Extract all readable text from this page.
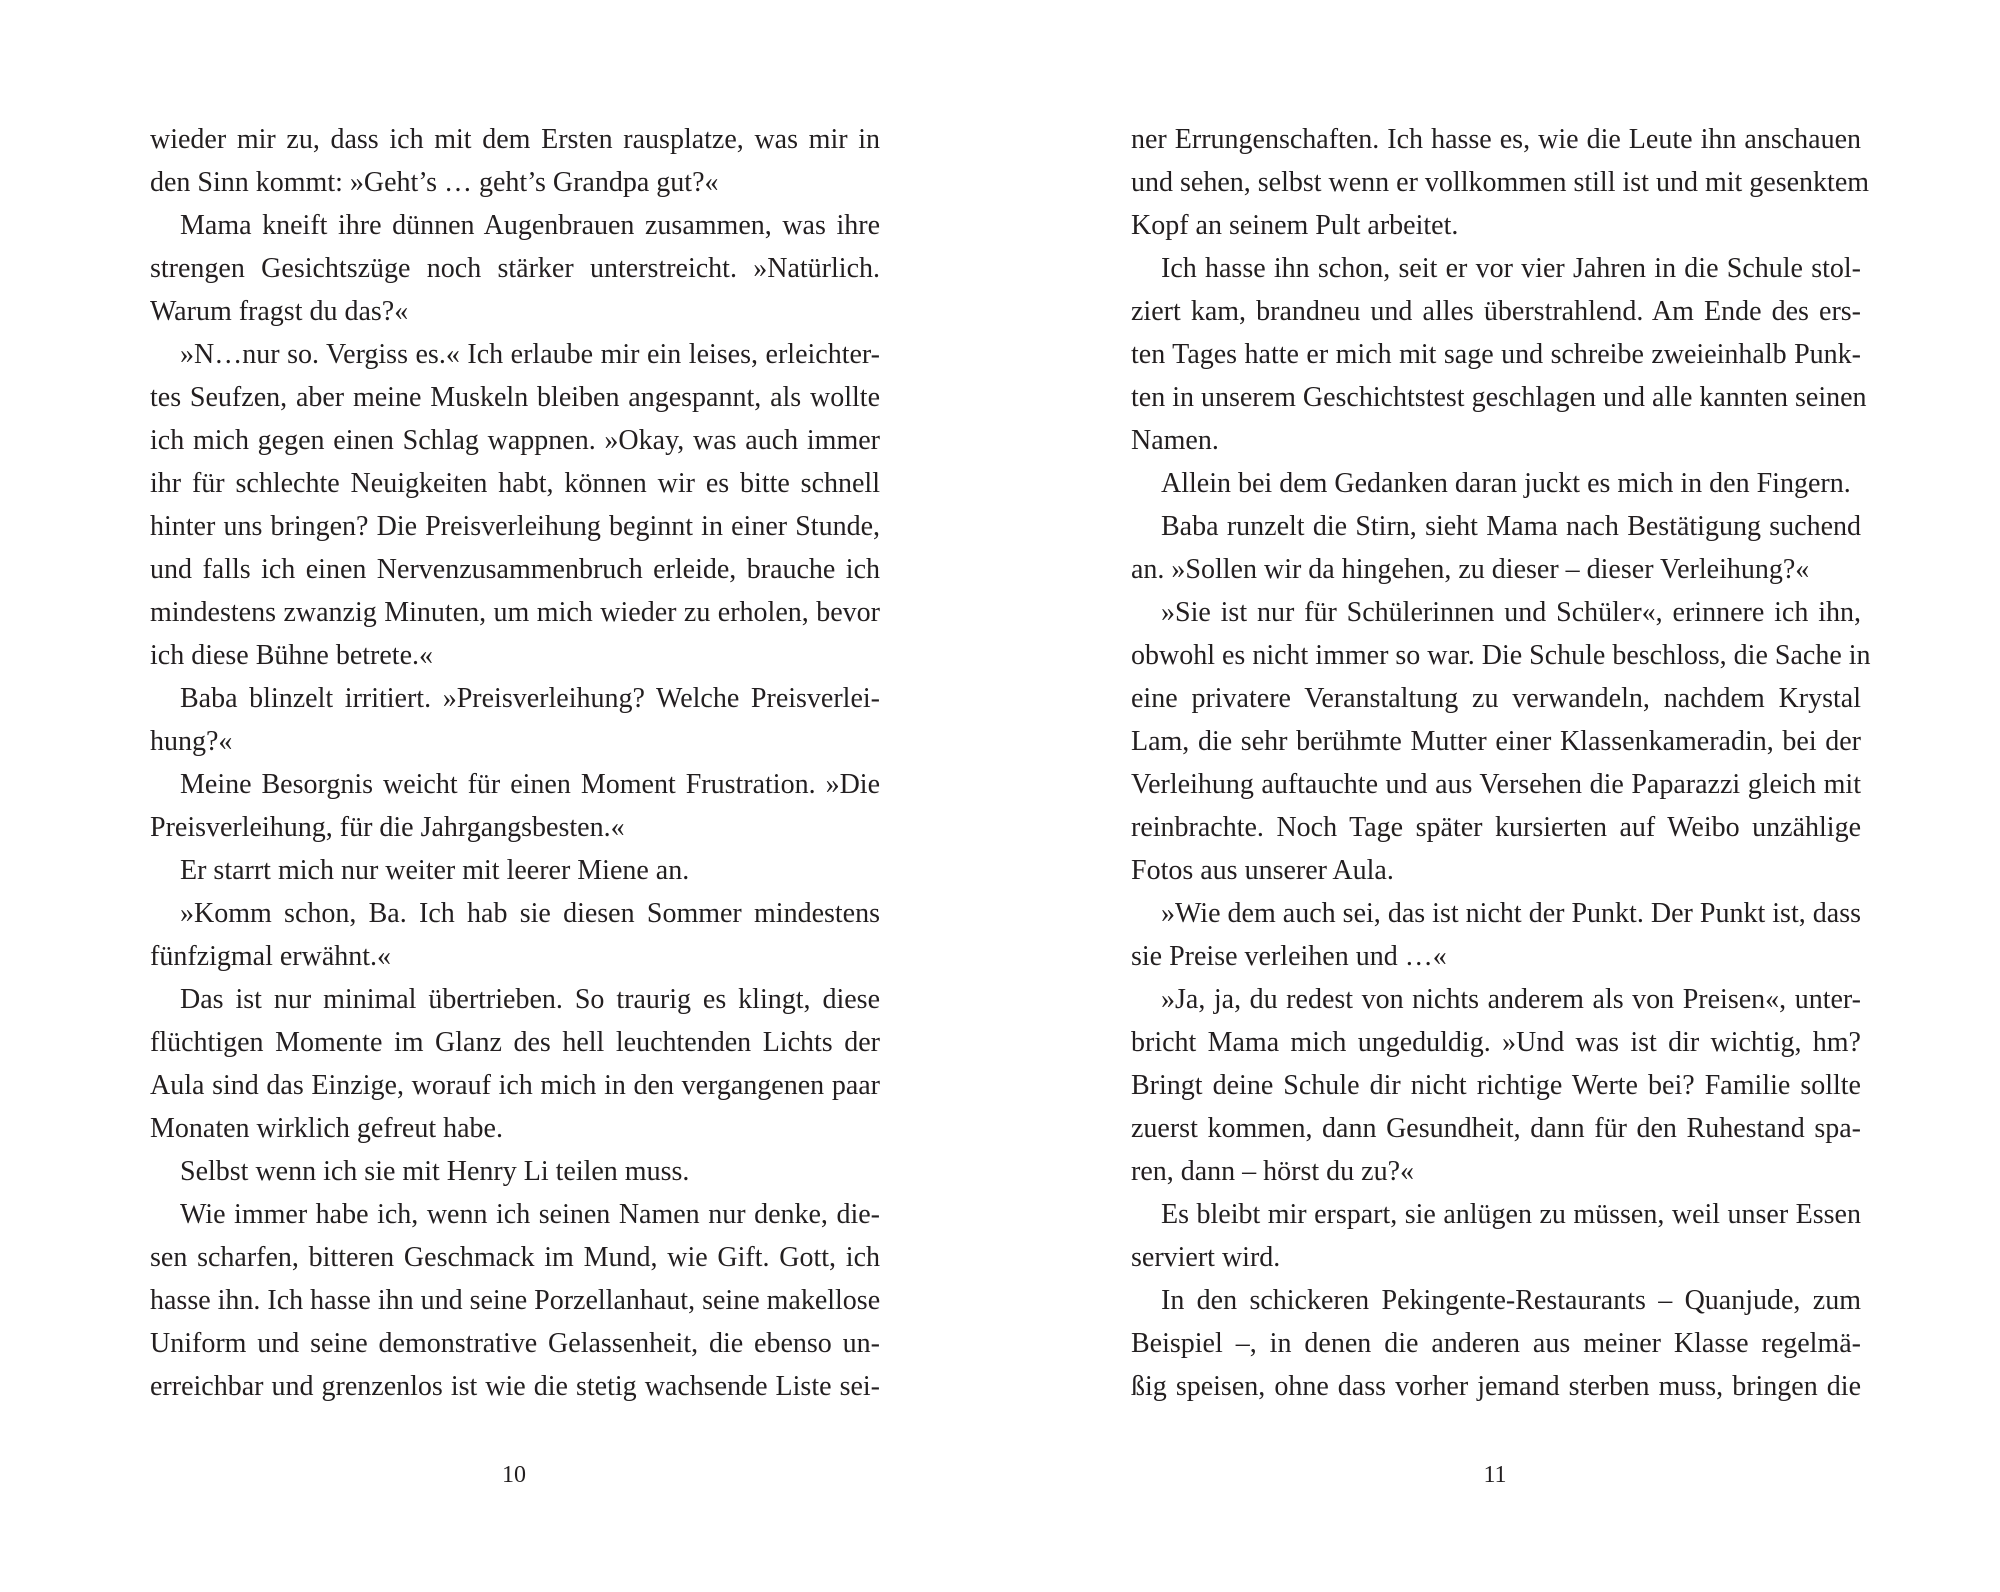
wieder mir zu, dass ich mit dem Ersten rausplatze, was mir in
den Sinn kommt: »Geht’s … geht’s Grandpa gut?«
Mama kneift ihre dünnen Augenbrauen zusammen, was ihre
strengen Gesichtszüge noch stärker unterstreicht. »Natürlich.
Warum fragst du das?«
»N…nur so. Vergiss es.« Ich erlaube mir ein leises, erleichter-
tes Seufzen, aber meine Muskeln bleiben angespannt, als wollte
ich mich gegen einen Schlag wappnen. »Okay, was auch immer
ihr für schlechte Neuigkeiten habt, können wir es bitte schnell
hinter uns bringen? Die Preisverleihung beginnt in einer Stunde,
und falls ich einen Nervenzusammenbruch erleide, brauche ich
mindestens zwanzig Minuten, um mich wieder zu erholen, bevor
ich diese Bühne betrete.«
Baba blinzelt irritiert. »Preisverleihung? Welche Preisverlei-
hung?«
Meine Besorgnis weicht für einen Moment Frustration. »Die
Preisverleihung, für die Jahrgangsbesten.«
Er starrt mich nur weiter mit leerer Miene an.
»Komm schon, Ba. Ich hab sie diesen Sommer mindestens
fünfzigmal erwähnt.«
Das ist nur minimal übertrieben. So traurig es klingt, diese
flüchtigen Momente im Glanz des hell leuchtenden Lichts der
Aula sind das Einzige, worauf ich mich in den vergangenen paar
Monaten wirklich gefreut habe.
Selbst wenn ich sie mit Henry Li teilen muss.
Wie immer habe ich, wenn ich seinen Namen nur denke, die-
sen scharfen, bitteren Geschmack im Mund, wie Gift. Gott, ich
hasse ihn. Ich hasse ihn und seine Porzellanhaut, seine makellose
Uniform und seine demonstrative Gelassenheit, die ebenso un-
erreichbar und grenzenlos ist wie die stetig wachsende Liste sei-
ner Errungenschaften. Ich hasse es, wie die Leute ihn anschauen
und sehen, selbst wenn er vollkommen still ist und mit gesenktem
Kopf an seinem Pult arbeitet.
Ich hasse ihn schon, seit er vor vier Jahren in die Schule stol-
ziert kam, brandneu und alles überstrahlend. Am Ende des ers-
ten Tages hatte er mich mit sage und schreibe zweieinhalb Punk-
ten in unserem Geschichtstest geschlagen und alle kannten seinen
Namen.
Allein bei dem Gedanken daran juckt es mich in den Fingern.
Baba runzelt die Stirn, sieht Mama nach Bestätigung suchend
an. »Sollen wir da hingehen, zu dieser – dieser Verleihung?«
»Sie ist nur für Schülerinnen und Schüler«, erinnere ich ihn,
obwohl es nicht immer so war. Die Schule beschloss, die Sache in
eine privatere Veranstaltung zu verwandeln, nachdem Krystal
Lam, die sehr berühmte Mutter einer Klassenkameradin, bei der
Verleihung auftauchte und aus Versehen die Paparazzi gleich mit
reinbrachte. Noch Tage später kursierten auf Weibo unzählige
Fotos aus unserer Aula.
»Wie dem auch sei, das ist nicht der Punkt. Der Punkt ist, dass
sie Preise verleihen und …«
»Ja, ja, du redest von nichts anderem als von Preisen«, unter-
bricht Mama mich ungeduldig. »Und was ist dir wichtig, hm?
Bringt deine Schule dir nicht richtige Werte bei? Familie sollte
zuerst kommen, dann Gesundheit, dann für den Ruhestand spa-
ren, dann – hörst du zu?«
Es bleibt mir erspart, sie anlügen zu müssen, weil unser Essen
serviert wird.
In den schickeren Pekingente-Restaurants – Quanjude, zum
Beispiel –, in denen die anderen aus meiner Klasse regelmä-
ßig speisen, ohne dass vorher jemand sterben muss, bringen die
10	11
